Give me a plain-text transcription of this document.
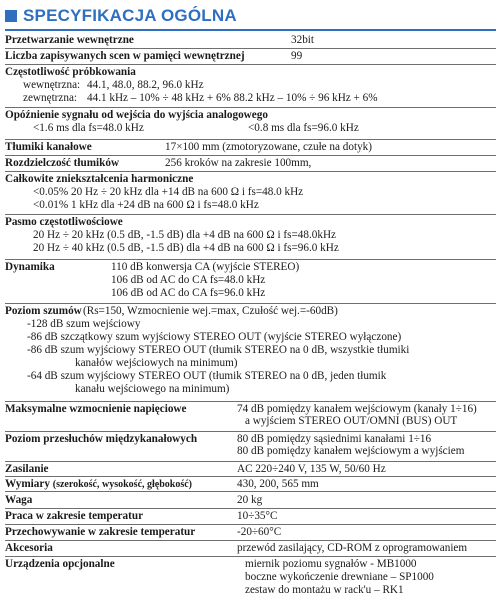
SPECYFIKACJA OGÓLNA
Przetwarzanie wewnętrzne	32bit
Liczba zapisywanych scen w pamięci wewnętrznej	99
Częstotliwość próbkowania
wewnętrzna: 44.1, 48.0, 88.2, 96.0 kHz
zewnętrzna: 44.1 kHz – 10% ÷ 48 kHz + 6% 88.2 kHz – 10% ÷ 96 kHz + 6%
Opóźnienie sygnału od wejścia do wyjścia analogowego
<1.6 ms dla fs=48.0 kHz	<0.8 ms dla fs=96.0 kHz
Tłumiki kanałowe	17×100 mm (zmotoryzowane, czułe na dotyk)
Rozdzielczość tłumików	256 kroków na zakresie 100mm,
Całkowite zniekształcenia harmoniczne
<0.05% 20 Hz ÷ 20 kHz dla +14 dB na 600 Ω i fs=48.0 kHz
<0.01% 1 kHz dla +24 dB na 600 Ω i fs=48.0 kHz
Pasmo częstotliwościowe
20 Hz ÷ 20 kHz (0.5 dB, -1.5 dB) dla +4 dB na 600 Ω i fs=48.0kHz
20 Hz ÷ 40 kHz (0.5 dB, -1.5 dB) dla +4 dB na 600 Ω i fs=96.0 kHz
Dynamika	110 dB konwersja CA (wyjście STEREO)
106 dB od AC do CA fs=48.0 kHz
106 dB od AC do CA fs=96.0 kHz
Poziom szumów (Rs=150, Wzmocnienie wej.=max, Czułość wej.=-60dB)
-128 dB szum wejściowy
-86 dB szczątkowy szum wyjściowy STEREO OUT (wyjście STEREO wyłączone)
-86 dB szum wyjściowy STEREO OUT (tłumik STEREO na 0 dB, wszystkie tłumiki
kanałów wejściowych na minimum)
-64 dB szum wyjściowy STEREO OUT (tłumik STEREO na 0 dB, jeden tłumik
kanału wejściowego na minimum)
Maksymalne wzmocnienie napięciowe	74 dB pomiędzy kanałem wejściowym (kanały 1÷16)
a wyjściem STEREO OUT/OMNI (BUS) OUT
Poziom przesłuchów międzykanałowych	80 dB pomiędzy sąsiednimi kanałami 1÷16
80 dB pomiędzy kanałem wejściowym a wyjściem
Zasilanie	AC 220÷240 V, 135 W, 50/60 Hz
Wymiary (szerokość, wysokość, głębokość)	430, 200, 565 mm
Waga	20 kg
Praca w zakresie temperatur	10÷35°C
Przechowywanie w zakresie temperatur	-20÷60°C
Akcesoria	przewód zasilający, CD-ROM z oprogramowaniem
Urządzenia opcjonalne	miernik poziomu sygnałów - MB1000
boczne wykończenie drewniane – SP1000
zestaw do montażu w rack'u – RK1
